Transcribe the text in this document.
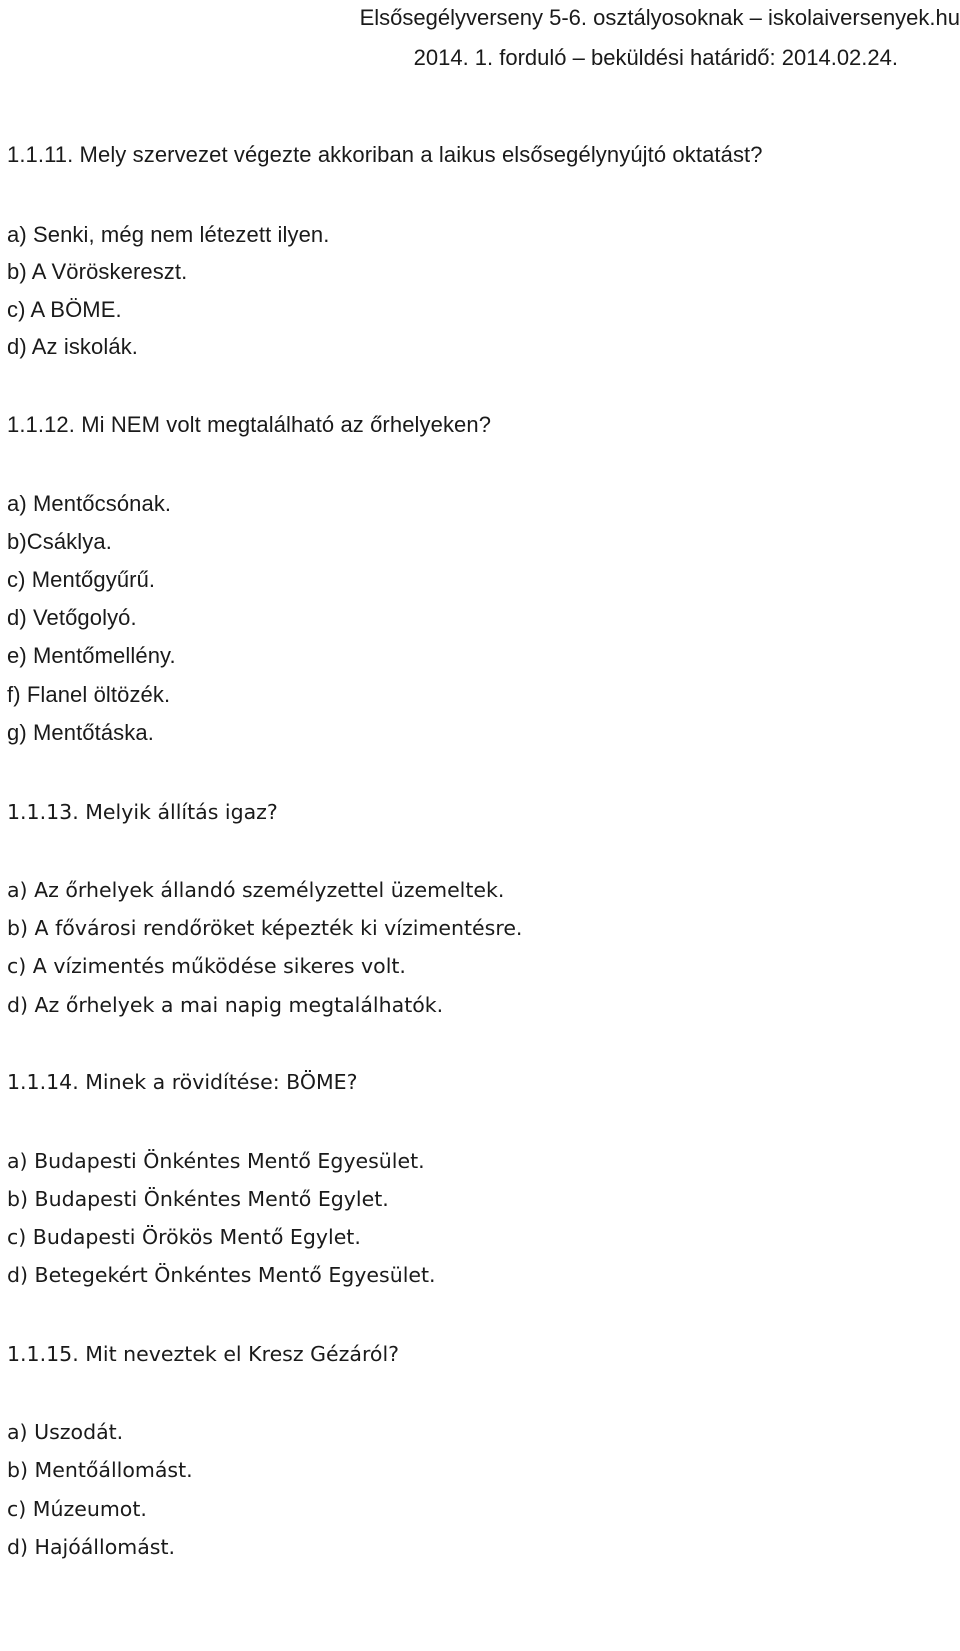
Elsősegélyverseny 5-6. osztályosoknak – iskolaiversenyek.hu
2014. 1. forduló – beküldési határidő: 2014.02.24.
1.1.11. Mely szervezet végezte akkoriban a laikus elsősegélynyújtó oktatást?
a) Senki, még nem létezett ilyen.
b) A Vöröskereszt.
c) A BÖME.
d) Az iskolák.
1.1.12. Mi NEM volt megtalálható az őrhelyeken?
a) Mentőcsónak.
b)Csáklya.
c) Mentőgyűrű.
d) Vetőgolyó.
e) Mentőmellény.
f) Flanel öltözék.
g) Mentőtáska.
1.1.13. Melyik állítás igaz?
a) Az őrhelyek állandó személyzettel üzemeltek.
b) A fővárosi rendőröket képezték ki vízimentésre.
c) A vízimentés működése sikeres volt.
d) Az őrhelyek a mai napig megtalálhatók.
1.1.14. Minek a rövidítése: BÖME?
a) Budapesti Önkéntes Mentő Egyesület.
b) Budapesti Önkéntes Mentő Egylet.
c) Budapesti Örökös Mentő Egylet.
d) Betegekért Önkéntes Mentő Egyesület.
1.1.15. Mit neveztek el Kresz Gézáról?
a) Uszodát.
b) Mentőállomást.
c) Múzeumot.
d) Hajóállomást.
